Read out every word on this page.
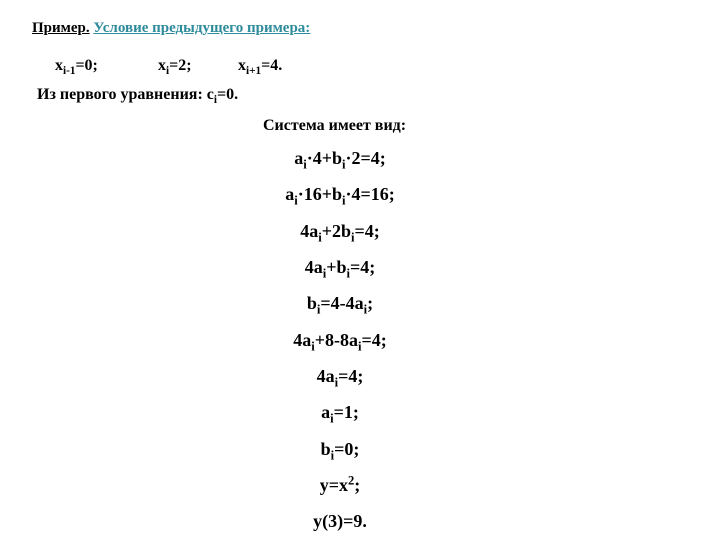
Пример. Условие предыдущего примера:
$x_{i-1}=0$;	$x_i=2$;	$x_{i+1}=4$.
Из первого уравнения: $c_i=0$.
Система имеет вид:
$a_i\cdot 4+b_i\cdot 2=4$;
$a_i\cdot 16+b_i\cdot 4=16$;
$4a_i+2b_i=4$;
$4a_i+b_i=4$;
$b_i=4-4a_i$;
$4a_i+8-8a_i=4$;
$4a_i=4$;
$a_i=1$;
$b_i=0$;
$y=x^2$;
y(3)=9.
